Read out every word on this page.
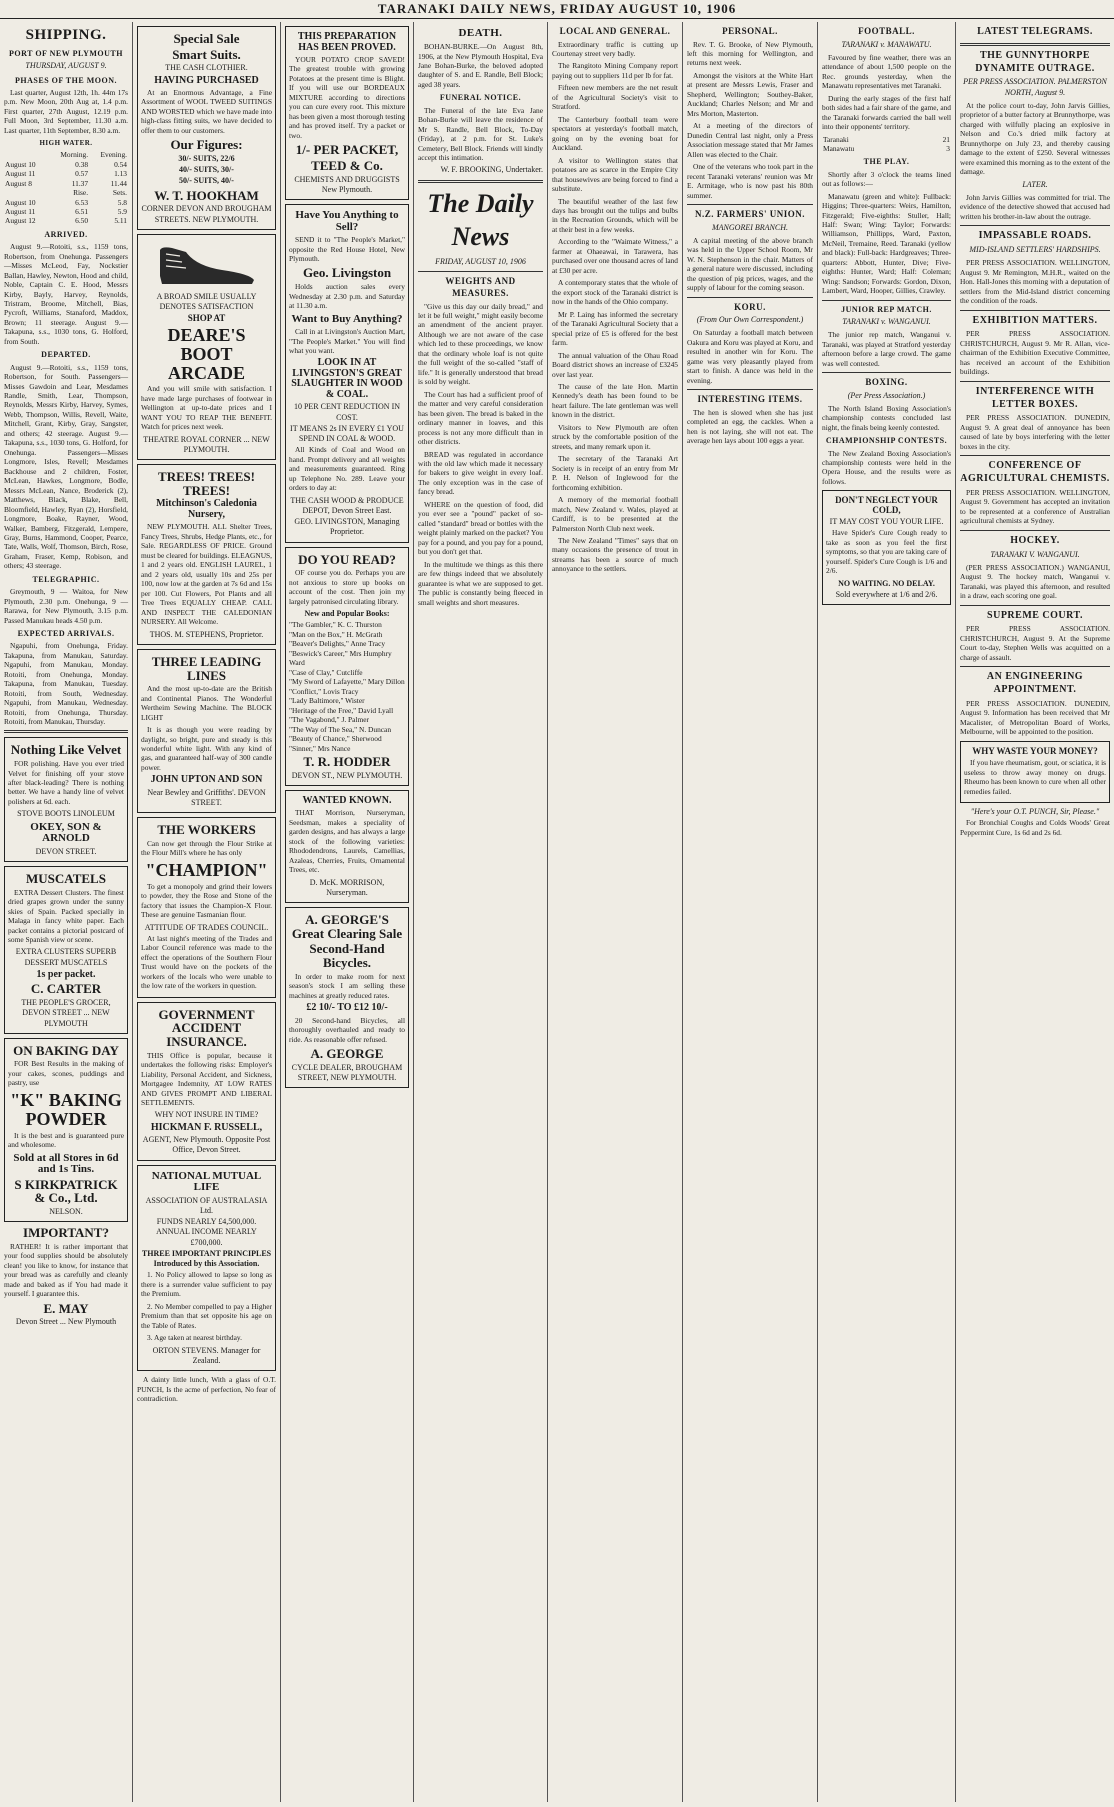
TARANAKI DAILY NEWS, FRIDAY AUGUST 10, 1906
SHIPPING.
PORT OF NEW PLYMOUTH
THURSDAY, AUGUST 9.
PHASES OF THE MOON.

Last quarter, August 12th, 1h. 44m 17s p.m. New Moon, 20th Aug at, 1.4 p.m. First quarter, 27th August, 12.19 p.m. Full Moon, 3rd September, 11.30 a.m. Last quarter, 11th September, 8.30 a.m.

HIGH WATER.
	Morning.	Evening.
August 10	0.38	0.54
August 11	0.57	1.13
August 8	11.37	11.44
	Rise.	Sets.
August 10	6.53	5.8
August 11	6.51	5.9
August 12	6.50	5.11
ARRIVED.

August 9.—Rotoiti, s.s., 1159 tons, Robertson, from Onehunga. Passengers —Misses McLeod, Fay, Nockstier Ballan, Hawley, Newton, Hood and child, Noble, Captain C. E. Hood, Messrs Kirby, Bayly, Harvey, Reynolds, Tristram, Broome, Mitchell, Bias, Pycroft, Williams, Stanaford, Maddox, Brown; 11 steerage. August 9.—Takapuna, s.s., 1030 tons, G. Holford, from South.

DEPARTED.

August 9.—Rotoiti, s.s., 1159 tons, Robertson, for South. Passengers—Misses Gawdoin and Lear, Mesdames Randle, Smith, Lear, Thompson, Reynolds, Messrs Kirby, Harvey, Symes, Webb, Thompson, Willis, Revell, Waite, Mitchell, Grant, Kirby, Gray, Sangster, and others; 42 steerage. August 9.—Takapuna, s.s., 1030 tons, G. Holford, for Onehunga. Passengers—Misses Longmore, Isles, Revell; Mesdames Backhouse and 2 children, Foster, McLean, Hawkes, Longmore, Bodle, Messrs McLean, Nance, Broderick (2), Matthews, Black, Blake, Bell, Bloomfield, Hawley, Ryan (2), Horsfield, Longmore, Boake, Rayner, Wood, Walker, Bamberg, Fitzgerald, Lempere, Gray, Burns, Hammond, Cooper, Pearce, Tate, Walls, Wolf, Thomson, Birch, Rose, Graham, Fraser, Kemp, Robison, and others; 43 steerage.

TELEGRAPHIC.

Greymouth, 9 — Waitoa, for New Plymouth, 2.30 p.m. Onehunga, 9 — Rarawa, for New Plymouth, 3.15 p.m. Passed Manukau heads 4.50 p.m.

EXPECTED ARRIVALS.

Ngapuhi, from Onehunga, Friday. Takapuna, from Manukau, Saturday. Ngapuhi, from Manukau, Monday. Rotoiti, from Onehunga, Monday. Takapuna, from Manukau, Tuesday. Rotoiti, from South, Wednesday. Ngapuhi, from Manukau, Wednesday. Rotoiti, from Onehunga, Thursday. Rotoiti, from Manukau, Thursday.

Nothing Like Velvet

FOR polishing. Have you ever tried Velvet for finishing off your stove after black-leading? There is nothing better. We have a handy line of velvet polishers at 6d. each.

STOVE BOOTS LINOLEUM
OKEY, SON & ARNOLD
DEVON STREET.
MUSCATELS

EXTRA Dessert Clusters. The finest dried grapes grown under the sunny skies of Spain. Packed specially in Malaga in fancy white paper. Each packet contains a pictorial postcard of some Spanish view or scene.

EXTRA CLUSTERS SUPERB DESSERT MUSCATELS
1s per packet.
C. CARTER
THE PEOPLE'S GROCER, DEVON STREET ... NEW PLYMOUTH
ON BAKING DAY

FOR Best Results in the making of your cakes, scones, puddings and pastry, use

"K" BAKING POWDER

It is the best and is guaranteed pure and wholesome.

Sold at all Stores in 6d and 1s Tins.
S KIRKPATRICK & Co., Ltd.
NELSON.
IMPORTANT?

RATHER! It is rather important that your food supplies should be absolutely clean! you like to know, for instance that your bread was as carefully and cleanly made and baked as if You had made it yourself. I guarantee this.

E. MAY
Devon Street ... New Plymouth
Special Sale
Smart Suits.
THE CASH CLOTHIER.
HAVING PURCHASED

At an Enormous Advantage, a Fine Assortment of WOOL TWEED SUITINGS AND WORSTED which we have made into high-class fitting suits, we have decided to offer them to our customers.

Our Figures:
30/- SUITS, 22/6
40/- SUITS, 30/-
50/- SUITS, 40/-
W. T. HOOKHAM
CORNER DEVON AND BROUGHAM STREETS. NEW PLYMOUTH.
A BROAD SMILE USUALLY DENOTES SATISFACTION
SHOP AT
DEARE'S BOOT ARCADE

And you will smile with satisfaction. I have made large purchases of footwear in Wellington at up-to-date prices and I WANT YOU TO REAP THE BENEFIT. Watch for prices next week.

THEATRE ROYAL CORNER ... NEW PLYMOUTH.
TREES! TREES! TREES!
Mitchinson's Caledonia Nursery,

NEW PLYMOUTH. ALL Shelter Trees, Fancy Trees, Shrubs, Hedge Plants, etc., for Sale. REGARDLESS OF PRICE. Ground must be cleared for buildings. ELEAGNUS, 1 and 2 years old. ENGLISH LAUREL, 1 and 2 years old, usually 10s and 25s per 100, now low at the garden at 7s 6d and 15s per 100. Cut Flowers, Pot Plants and all Tree Trees EQUALLY CHEAP. CALL AND INSPECT THE CALEDONIAN NURSERY. All Welcome.

THOS. M. STEPHENS, Proprietor.
THREE LEADING LINES

And the most up-to-date are the British and Continental Pianos. The Wonderful Wertheim Sewing Machine. The BLOCK LIGHT

It is as though you were reading by daylight, so bright, pure and steady is this wonderful white light. With any kind of gas, and guaranteed half-way of 300 candle power.

JOHN UPTON AND SON
Near Bewley and Griffiths'. DEVON STREET.
THE WORKERS

Can now get through the Flour Strike at the Flour Mill's where he has only

"CHAMPION"

To get a monopoly and grind their lowers to powder, they the Rose and Stone of the factory that issues the Champion-X Flour. These are genuine Tasmanian flour.

ATTITUDE OF TRADES COUNCIL.

At last night's meeting of the Trades and Labor Council reference was made to the effect the operations of the Southern Flour Trust would have on the pockets of the workers of the locals who were unable to the low rate of the workers in question.

GOVERNMENT ACCIDENT INSURANCE.

THIS Office is popular, because it undertakes the following risks: Employer's Liability, Personal Accident, and Sickness, Mortgagee Indemnity, AT LOW RATES AND GIVES PROMPT AND LIBERAL SETTLEMENTS.

WHY NOT INSURE IN TIME?
HICKMAN F. RUSSELL,
AGENT, New Plymouth. Opposite Post Office, Devon Street.
NATIONAL MUTUAL LIFE
ASSOCIATION OF AUSTRALASIA Ltd.
FUNDS NEARLY £4,500,000. ANNUAL INCOME NEARLY £700,000.
THREE IMPORTANT PRINCIPLES Introduced by this Association.

1. No Policy allowed to lapse so long as there is a surrender value sufficient to pay the Premium.

2. No Member compelled to pay a Higher Premium than that set opposite his age on the Table of Rates.

3. Age taken at nearest birthday.

ORTON STEVENS. Manager for Zealand.

A dainty little lunch, With a glass of O.T. PUNCH, Is the acme of perfection, No fear of contradiction.

THIS PREPARATION HAS BEEN PROVED.

YOUR POTATO CROP SAVED! The greatest trouble with growing Potatoes at the present time is Blight. If you will use our BORDEAUX MIXTURE according to directions you can cure every root. This mixture has been given a most thorough testing and has proved itself. Try a packet or two.

1/- PER PACKET,
TEED & Co.
CHEMISTS AND DRUGGISTS New Plymouth.
Have You Anything to Sell?

SEND it to "The People's Market," opposite the Red House Hotel, New Plymouth.

Geo. Livingston

Holds auction sales every Wednesday at 2.30 p.m. and Saturday at 11.30 a.m.

Want to Buy Anything?

Call in at Livingston's Auction Mart, "The People's Market." You will find what you want.

LOOK IN AT LIVINGSTON'S GREAT SLAUGHTER IN WOOD & COAL.
10 PER CENT REDUCTION IN COST.
IT MEANS 2s IN EVERY £1 YOU SPEND IN COAL & WOOD.

All Kinds of Coal and Wood on hand. Prompt delivery and all weights and measurements guaranteed. Ring up Telephone No. 289. Leave your orders to day at:

THE CASH WOOD & PRODUCE DEPOT, Devon Street East.
GEO. LIVINGSTON, Managing Proprietor.
DO YOU READ?

OF course you do. Perhaps you are not anxious to store up books on account of the cost. Then join my largely patronised circulating library.

New and Popular Books:
"The Gambler," K. C. Thurston
"Man on the Box," H. McGrath
"Beaver's Delights," Anne Tracy
"Beswick's Career," Mrs Humphry Ward
"Case of Clay," Cutcliffe
"My Sword of Lafayette," Mary Dillon
"Conflict," Lovis Tracy
"Lady Baltimore," Wister
"Heritage of the Free," David Lyall
"The Vagabond," J. Palmer
"The Way of The Sea," N. Duncan
"Beauty of Chance," Sherwood
"Sinner," Mrs Nance
T. R. HODDER
DEVON ST., NEW PLYMOUTH.
WANTED KNOWN.

THAT Morrison, Nurseryman, Seedsman, makes a speciality of garden designs, and has always a large stock of the following varieties: Rhododendrons, Laurels, Camellias, Azaleas, Cherries, Fruits, Ornamental Trees, etc.

D. McK. MORRISON, Nurseryman.
A. GEORGE'S Great Clearing Sale
Second-Hand Bicycles.

In order to make room for next season's stock I am selling these machines at greatly reduced rates.

£2 10/- TO £12 10/-

20 Second-hand Bicycles, all thoroughly overhauled and ready to ride. As reasonable offer refused.

A. GEORGE
CYCLE DEALER, BROUGHAM STREET, NEW PLYMOUTH.
DEATH.

BOHAN-BURKE.—On August 8th, 1906, at the New Plymouth Hospital, Eva Jane Bohan-Burke, the beloved adopted daughter of S. and E. Randle, Bell Block; aged 38 years.

FUNERAL NOTICE.

The Funeral of the late Eva Jane Bohan-Burke will leave the residence of Mr S. Randle, Bell Block, To-Day (Friday), at 2 p.m. for St. Luke's Cemetery, Bell Block. Friends will kindly accept this intimation.

W. F. BROOKING, Undertaker.
The Daily News
FRIDAY, AUGUST 10, 1906
WEIGHTS AND MEASURES.

"Give us this day our daily bread," and let it be full weight," might easily become an amendment of the ancient prayer. Although we are not aware of the case which led to these proceedings, we know that the ordinary whole loaf is not quite the full weight of the so-called "staff of life." It is generally understood that bread is sold by weight.

The Court has had a sufficient proof of the matter and very careful consideration has been given. The bread is baked in the ordinary manner in loaves, and this process is not any more difficult than in other districts.

BREAD was regulated in accordance with the old law which made it necessary for bakers to give weight in every loaf. The only exception was in the case of fancy bread.

WHERE on the question of food, did you ever see a "pound" packet of so-called "standard" bread or bottles with the weight plainly marked on the packet? You pay for a pound, and you pay for a pound, but you don't get that.

In the multitude we things as this there are few things indeed that we absolutely guarantee is what we are supposed to get. The public is constantly being fleeced in small weights and short measures.

LOCAL AND GENERAL.

Extraordinary traffic is cutting up Courtenay street very badly.

The Rangitoto Mining Company report paying out to suppliers 11d per lb for fat.

Fifteen new members are the net result of the Agricultural Society's visit to Stratford.

The Canterbury football team were spectators at yesterday's football match, going on by the evening boat for Auckland.

A visitor to Wellington states that potatoes are as scarce in the Empire City that housewives are being forced to find a substitute.

The beautiful weather of the last few days has brought out the tulips and bulbs in the Recreation Grounds, which will be at their best in a few weeks.

According to the "Waimate Witness," a farmer at Ohaeawai, in Tarawera, has purchased over one thousand acres of land at £30 per acre.

A contemporary states that the whole of the export stock of the Taranaki district is now in the hands of the Ohio company.

Mr P. Laing has informed the secretary of the Taranaki Agricultural Society that a special prize of £5 is offered for the best farm.

The annual valuation of the Ohau Road Board district shows an increase of £3245 over last year.

The cause of the late Hon. Martin Kennedy's death has been found to be heart failure. The late gentleman was well known in the district.

Visitors to New Plymouth are often struck by the comfortable position of the streets, and many remark upon it.

The secretary of the Taranaki Art Society is in receipt of an entry from Mr P. H. Nelson of Inglewood for the forthcoming exhibition.

A memory of the memorial football match, New Zealand v. Wales, played at Cardiff, is to be presented at the Palmerston North Club next week.

The New Zealand "Times" says that on many occasions the presence of trout in streams has been a source of much annoyance to the settlers.

PERSONAL.

Rev. T. G. Brooke, of New Plymouth, left this morning for Wellington, and returns next week.

Amongst the visitors at the White Hart at present are Messrs Lewis, Fraser and Shepherd, Wellington; Southey-Baker, Auckland; Charles Nelson; and Mr and Mrs Morton, Masterton.

At a meeting of the directors of Dunedin Central last night, only a Press Association message stated that Mr James Allen was elected to the Chair.

One of the veterans who took part in the recent Taranaki veterans' reunion was Mr E. Armitage, who is now past his 80th summer.

N.Z. FARMERS' UNION.
MANGOREI BRANCH.

A capital meeting of the above branch was held in the Upper School Room, Mr W. N. Stephenson in the chair. Matters of a general nature were discussed, including the question of pig prices, wages, and the supply of labour for the coming season.

KORU.
(From Our Own Correspondent.)

On Saturday a football match between Oakura and Koru was played at Koru, and resulted in another win for Koru. The game was very pleasantly played from start to finish. A dance was held in the evening.

INTERESTING ITEMS.

The hen is slowed when she has just completed an egg, the cackles. When a hen is not laying, she will not eat. The average hen lays about 100 eggs a year.

FOOTBALL.
TARANAKI v. MANAWATU.

Favoured by fine weather, there was an attendance of about 1,500 people on the Rec. grounds yesterday, when the Manawatu representatives met Taranaki.

During the early stages of the first half both sides had a fair share of the game, and the Taranaki forwards carried the ball well into their opponents' territory.

Taranaki	21
Manawatu	3
THE PLAY.

Shortly after 3 o'clock the teams lined out as follows:—

Manawatu (green and white): Fullback: Higgins; Three-quarters: Weirs, Hamilton, Fitzgerald; Five-eighths: Stuller, Hall; Half: Swan; Wing: Taylor; Forwards: Williamson, Phillipps, Ward, Paxton, McNeil, Tremaine, Reed. Taranaki (yellow and black): Full-back: Hardgreaves; Three-quarters: Abbott, Hunter, Dive; Five-eighths: Hunter, Ward; Half: Coleman; Wing: Sandson; Forwards: Gordon, Dixon, Lambert, Ward, Hooper, Gillies, Crawley.

JUNIOR REP MATCH.
TARANAKI v. WANGANUI.

The junior rep match, Wanganui v. Taranaki, was played at Stratford yesterday afternoon before a large crowd. The game was well contested.

BOXING.
(Per Press Association.)

The North Island Boxing Association's championship contests concluded last night, the finals being keenly contested.

CHAMPIONSHIP CONTESTS.

The New Zealand Boxing Association's championship contests were held in the Opera House, and the results were as follows.

DON'T NEGLECT YOUR COLD,
IT MAY COST YOU YOUR LIFE.

Have Spider's Cure Cough ready to take as soon as you feel the first symptoms, so that you are taking care of yourself. Spider's Cure Cough is 1/6 and 2/6.

NO WAITING. NO DELAY.
Sold everywhere at 1/6 and 2/6.
LATEST TELEGRAMS.
THE GUNNYTHORPE DYNAMITE OUTRAGE.
PER PRESS ASSOCIATION. PALMERSTON NORTH, August 9.

At the police court to-day, John Jarvis Gillies, proprietor of a butter factory at Brunnythorpe, was charged with wilfully placing an explosive in Nelson and Co.'s dried milk factory at Brunnythorpe on July 23, and thereby causing damage to the extent of £250. Several witnesses were examined this morning as to the extent of the damage.

LATER.

John Jarvis Gillies was committed for trial. The evidence of the detective showed that accused had written his brother-in-law about the outrage.

IMPASSABLE ROADS.
MID-ISLAND SETTLERS' HARDSHIPS.

PER PRESS ASSOCIATION. WELLINGTON, August 9. Mr Remington, M.H.R., waited on the Hon. Hall-Jones this morning with a deputation of settlers from the Mid-Island district concerning the condition of the roads.

EXHIBITION MATTERS.

PER PRESS ASSOCIATION. CHRISTCHURCH, August 9. Mr R. Allan, vice-chairman of the Exhibition Executive Committee, has received an account of the Exhibition buildings.

INTERFERENCE WITH LETTER BOXES.

PER PRESS ASSOCIATION. DUNEDIN, August 9. A great deal of annoyance has been caused of late by boys interfering with the letter boxes in the city.

CONFERENCE OF AGRICULTURAL CHEMISTS.

PER PRESS ASSOCIATION. WELLINGTON, August 9. Government has accepted an invitation to be represented at a conference of Australian agricultural chemists at Sydney.

HOCKEY.
TARANAKI V. WANGANUI.

(PER PRESS ASSOCIATION.) WANGANUI, August 9. The hockey match, Wanganui v. Taranaki, was played this afternoon, and resulted in a draw, each scoring one goal.

SUPREME COURT.

PER PRESS ASSOCIATION. CHRISTCHURCH, August 9. At the Supreme Court to-day, Stephen Wells was acquitted on a charge of assault.

AN ENGINEERING APPOINTMENT.

PER PRESS ASSOCIATION. DUNEDIN, August 9. Information has been received that Mr Macalister, of Metropolitan Board of Works, Melbourne, will be appointed to the position.

WHY WASTE YOUR MONEY?

If you have rheumatism, gout, or sciatica, it is useless to throw away money on drugs. Rheumo has been known to cure when all other remedies failed.

"Here's your O.T. PUNCH, Sir, Please."

For Bronchial Coughs and Colds Woods' Great Peppermint Cure, 1s 6d and 2s 6d.
